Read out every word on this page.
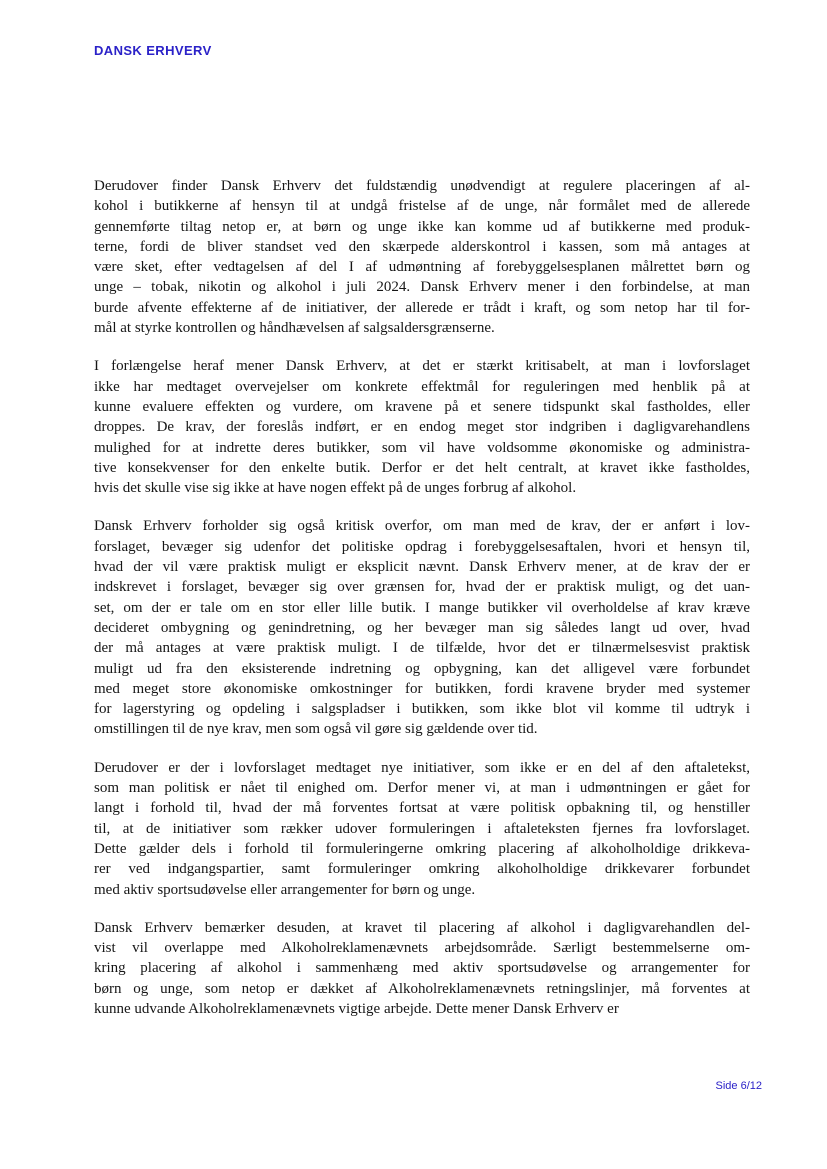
DANSK ERHVERV

Derudover finder Dansk Erhverv det fuldstændig unødvendigt at regulere placeringen af al-
kohol i butikkerne af hensyn til at undgå fristelse af de unge, når formålet med de allerede
gennemførte tiltag netop er, at børn og unge ikke kan komme ud af butikkerne med produk-
terne, fordi de bliver standset ved den skærpede alderskontrol i kassen, som må antages at
være sket, efter vedtagelsen af del I af udmøntning af forebyggelsesplanen målrettet børn og
unge – tobak, nikotin og alkohol i juli 2024. Dansk Erhverv mener i den forbindelse, at man
burde afvente effekterne af de initiativer, der allerede er trådt i kraft, og som netop har til for-
mål at styrke kontrollen og håndhævelsen af salgsaldersgrænserne.

I forlængelse heraf mener Dansk Erhverv, at det er stærkt kritisabelt, at man i lovforslaget
ikke har medtaget overvejelser om konkrete effektmål for reguleringen med henblik på at
kunne evaluere effekten og vurdere, om kravene på et senere tidspunkt skal fastholdes, eller
droppes. De krav, der foreslås indført, er en endog meget stor indgriben i dagligvarehandlens
mulighed for at indrette deres butikker, som vil have voldsomme økonomiske og administra-
tive konsekvenser for den enkelte butik. Derfor er det helt centralt, at kravet ikke fastholdes,
hvis det skulle vise sig ikke at have nogen effekt på de unges forbrug af alkohol.

Dansk Erhverv forholder sig også kritisk overfor, om man med de krav, der er anført i lov-
forslaget, bevæger sig udenfor det politiske opdrag i forebyggelsesaftalen, hvori et hensyn til,
hvad der vil være praktisk muligt er eksplicit nævnt. Dansk Erhverv mener, at de krav der er
indskrevet i forslaget, bevæger sig over grænsen for, hvad der er praktisk muligt, og det uan-
set, om der er tale om en stor eller lille butik. I mange butikker vil overholdelse af krav kræve
decideret ombygning og genindretning, og her bevæger man sig således langt ud over, hvad
der må antages at være praktisk muligt. I de tilfælde, hvor det er tilnærmelsesvist praktisk
muligt ud fra den eksisterende indretning og opbygning, kan det alligevel være forbundet
med meget store økonomiske omkostninger for butikken, fordi kravene bryder med systemer
for lagerstyring og opdeling i salgspladser i butikken, som ikke blot vil komme til udtryk i
omstillingen til de nye krav, men som også vil gøre sig gældende over tid.

Derudover er der i lovforslaget medtaget nye initiativer, som ikke er en del af den aftaletekst,
som man politisk er nået til enighed om. Derfor mener vi, at man i udmøntningen er gået for
langt i forhold til, hvad der må forventes fortsat at være politisk opbakning til, og henstiller
til, at de initiativer som rækker udover formuleringen i aftaleteksten fjernes fra lovforslaget.
Dette gælder dels i forhold til formuleringerne omkring placering af alkoholholdige drikkeva-
rer ved indgangspartier, samt formuleringer omkring alkoholholdige drikkevarer forbundet
med aktiv sportsudøvelse eller arrangementer for børn og unge.

Dansk Erhverv bemærker desuden, at kravet til placering af alkohol i dagligvarehandlen del-
vist vil overlappe med Alkoholreklamenævnets arbejdsområde. Særligt bestemmelserne om-
kring placering af alkohol i sammenhæng med aktiv sportsudøvelse og arrangementer for
børn og unge, som netop er dækket af Alkoholreklamenævnets retningslinjer, må forventes at
kunne udvande Alkoholreklamenævnets vigtige arbejde. Dette mener Dansk Erhverv er

Side 6/12
